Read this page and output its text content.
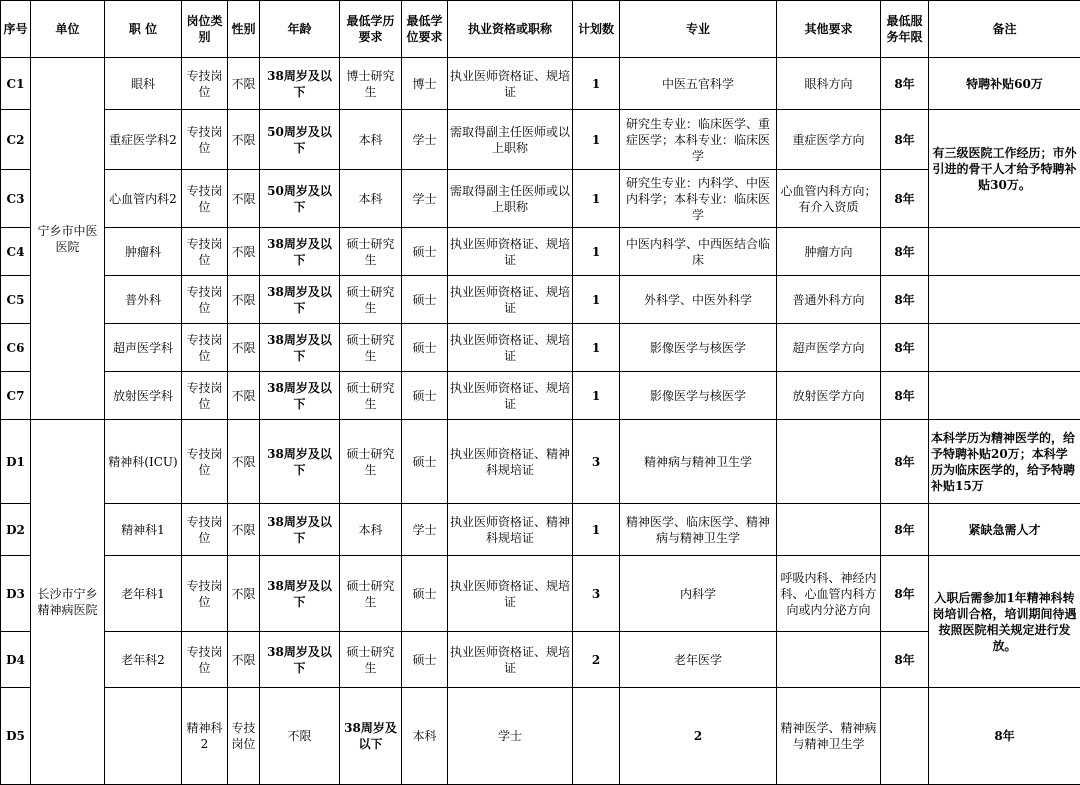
序号	单位	职 位	岗位类别	性别	年龄	最低学历要求	最低学位要求	执业资格或职称	计划数	专业	其他要求	最低服务年限	备注	
C1	宁乡市中医医院	眼科	专技岗位	不限	38周岁及以下	博士研究生	博士	执业医师资格证、规培证	1	中医五官科学	眼科方向	8年	特聘补贴60万	
C2		重症医学科2	专技岗位	不限	50周岁及以下	本科	学士	需取得副主任医师或以上职称	1	研究生专业：临床医学、重症医学；本科专业：临床医学	重症医学方向	8年	有三级医院工作经历；市外引进的骨干人才给予特聘补贴30万。	
C3		心血管内科2	专技岗位	不限	50周岁及以下	本科	学士	需取得副主任医师或以上职称	1	研究生专业：内科学、中医内科学；本科专业：临床医学	心血管内科方向；有介入资质	8年		
C4		肿瘤科	专技岗位	不限	38周岁及以下	硕士研究生	硕士	执业医师资格证、规培证	1	中医内科学、中西医结合临床	肿瘤方向	8年		
C5		普外科	专技岗位	不限	38周岁及以下	硕士研究生	硕士	执业医师资格证、规培证	1	外科学、中医外科学	普通外科方向	8年		
C6		超声医学科	专技岗位	不限	38周岁及以下	硕士研究生	硕士	执业医师资格证、规培证	1	影像医学与核医学	超声医学方向	8年		
C7		放射医学科	专技岗位	不限	38周岁及以下	硕士研究生	硕士	执业医师资格证、规培证	1	影像医学与核医学	放射医学方向	8年		
D1	长沙市宁乡精神病医院	精神科(ICU)	专技岗位	不限	38周岁及以下	硕士研究生	硕士	执业医师资格证、精神科规培证	3	精神病与精神卫生学		8年	本科学历为精神医学的，给予特聘补贴20万；本科学历为临床医学的，给予特聘补贴15万	
D2		精神科1	专技岗位	不限	38周岁及以下	本科	学士	执业医师资格证、精神科规培证	1	精神医学、临床医学、精神病与精神卫生学		8年	紧缺急需人才	
D3		老年科1	专技岗位	不限	38周岁及以下	硕士研究生	硕士	执业医师资格证、规培证	3	内科学	呼吸内科、神经内科、心血管内科方向或内分泌方向	8年	入职后需参加1年精神科转岗培训合格，培训期间待遇按照医院相关规定进行发放。	
D4		老年科2	专技岗位	不限	38周岁及以下	硕士研究生	硕士	执业医师资格证、规培证	2	老年医学		8年		
D5			精神科2	专技岗位	不限	38周岁及以下	本科	学士		2	精神医学、精神病与精神卫生学		8年	
